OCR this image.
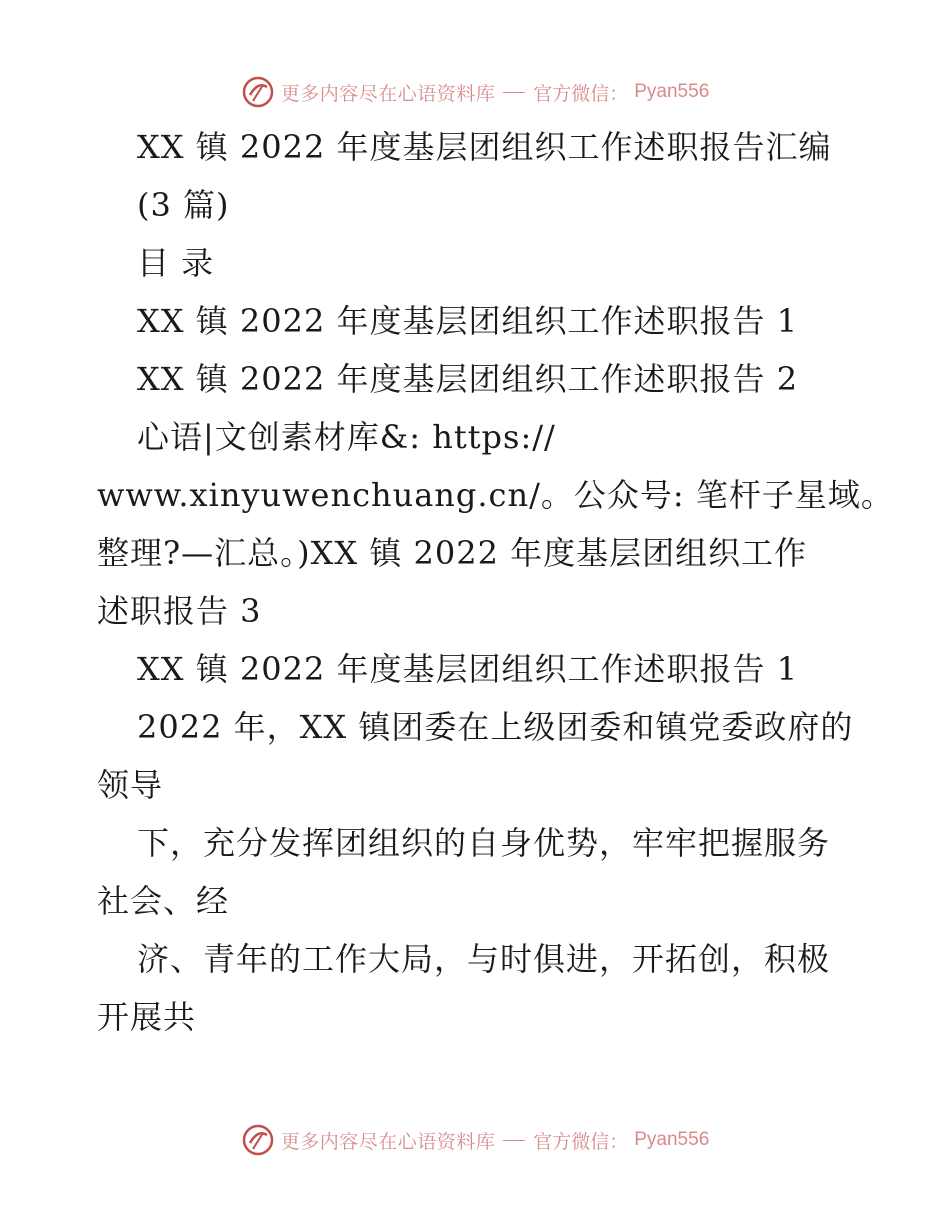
更多内容尽在心语资料库 官方微信： Pyan556
XX 镇 2022 年度基层团组织工作述职报告汇编
(3 篇)
目 录
XX 镇 2022 年度基层团组织工作述职报告 1
XX 镇 2022 年度基层团组织工作述职报告 2
心语|文创素材库&: https://
www.xinyuwenchuang.cn/。公众号: 笔杆子星域。
整理?—汇总。)XX 镇 2022 年度基层团组织工作
述职报告 3
XX 镇 2022 年度基层团组织工作述职报告 1
2022 年，XX 镇团委在上级团委和镇党委政府的
领导
下，充分发挥团组织的自身优势，牢牢把握服务
社会、经
济、青年的工作大局，与时俱进，开拓创，积极
开展共
更多内容尽在心语资料库 官方微信： Pyan556
